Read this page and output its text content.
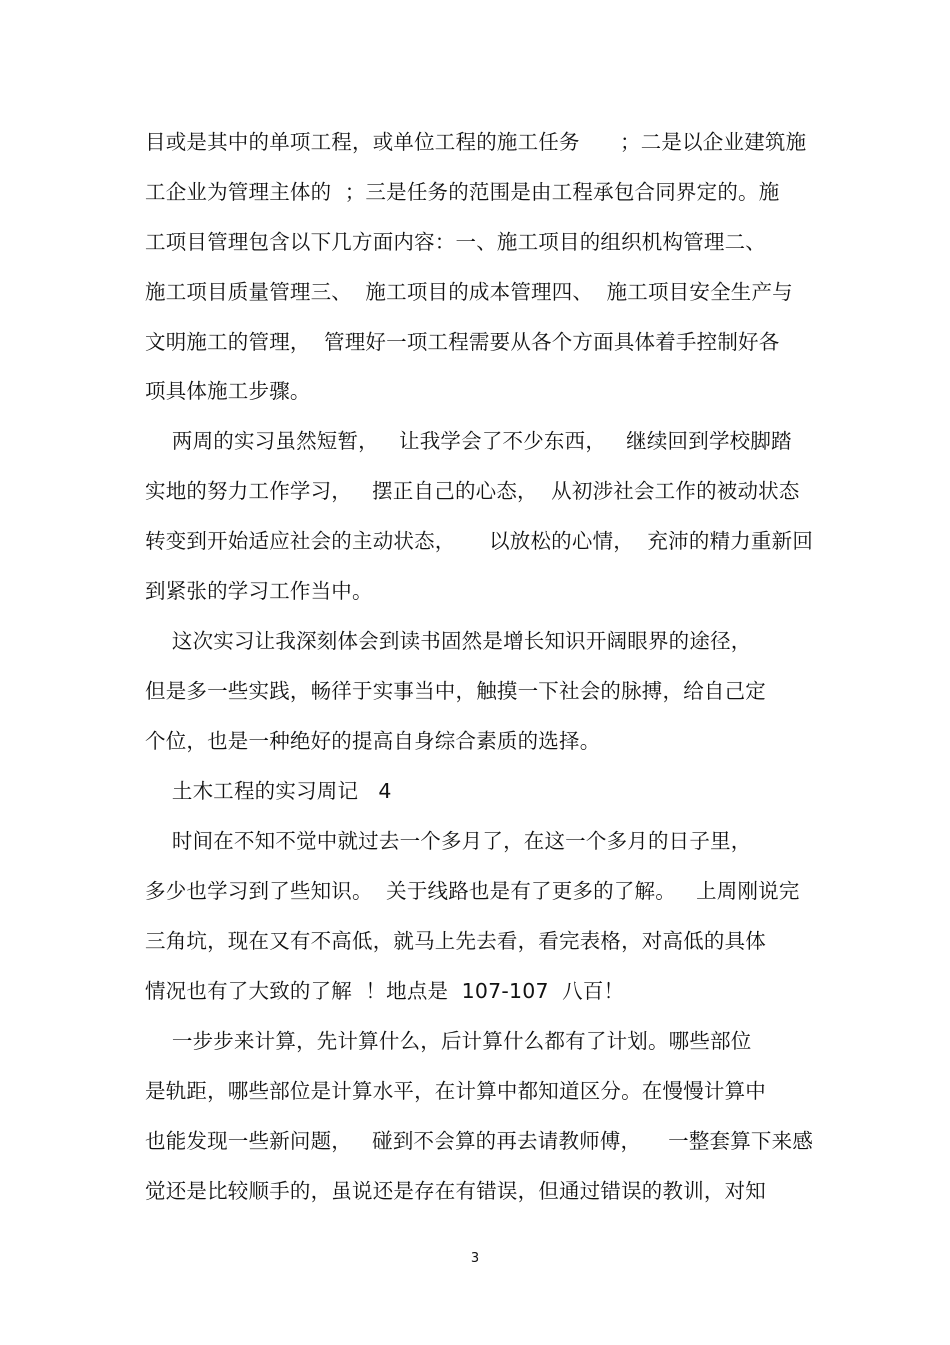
目或是其中的单项工程，或单位工程的施工任务      ；二是以企业建筑施
工企业为管理主体的  ；三是任务的范围是由工程承包合同界定的。施
工项目管理包含以下几方面内容：一、施工项目的组织机构管理二、
施工项目质量管理三、  施工项目的成本管理四、  施工项目安全生产与
文明施工的管理，  管理好一项工程需要从各个方面具体着手控制好各
项具体施工步骤。
两周的实习虽然短暂，   让我学会了不少东西，   继续回到学校脚踏
实地的努力工作学习，   摆正自己的心态，  从初涉社会工作的被动状态
转变到开始适应社会的主动状态，     以放松的心情，  充沛的精力重新回
到紧张的学习工作当中。
这次实习让我深刻体会到读书固然是增长知识开阔眼界的途径，
但是多一些实践，畅徉于实事当中，触摸一下社会的脉搏，给自己定
个位，也是一种绝好的提高自身综合素质的选择。
土木工程的实习周记   4
时间在不知不觉中就过去一个多月了，在这一个多月的日子里，
多少也学习到了些知识。  关于线路也是有了更多的了解。   上周刚说完
三角坑，现在又有不高低，就马上先去看，看完表格，对高低的具体
情况也有了大致的了解  ！地点是  107-107  八百！
一步步来计算，先计算什么，后计算什么都有了计划。哪些部位
是轨距，哪些部位是计算水平，在计算中都知道区分。在慢慢计算中
也能发现一些新问题，   碰到不会算的再去请教师傅，    一整套算下来感
觉还是比较顺手的，虽说还是存在有错误，但通过错误的教训，对知
3
